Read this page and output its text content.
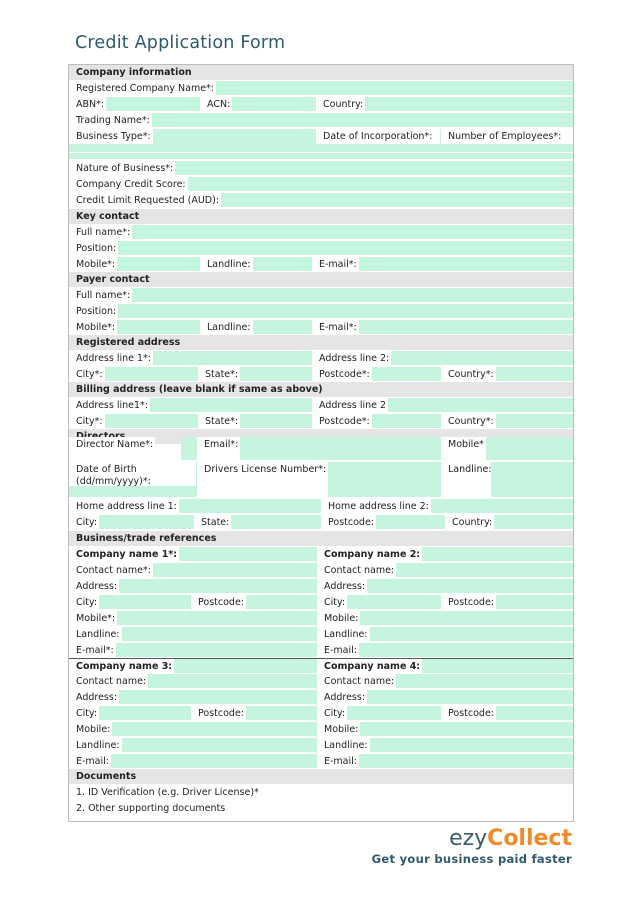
Credit Application Form
Company information
Registered Company Name*:
ABN*:	ACN:	Country:
Trading Name*:
Business Type*:	Date of Incorporation*:	Number of Employees*:
Nature of Business*:
Company Credit Score:
Credit Limit Requested (AUD):
Key contact
Full name*:
Position:
Mobile*:	Landline:	E-mail*:
Payer contact
Full name*:
Position:
Mobile*:	Landline:	E-mail*:
Registered address
Address line 1*:	Address line 2:
City*:	State*:	Postcode*:	Country*:
Billing address (leave blank if same as above)
Address line1*:	Address line 2
City*:	State*:	Postcode*:	Country*:
Director Name*:	Email*:	Mobile*
Date of Birth (dd/mm/yyyy)*:
Drivers License Number*:	Landline:
Home address line 1:	Home address line 2:
City:	State:	Postcode:	Country:
Business/trade references
Company name 1*:	Company name 2:
Contact name*:	Contact name:
Address:	Address:
City:	Postcode:	City:	Postcode:
Mobile*:	Mobile:
Landline:	Landline:
E-mail*:	E-mail:
Company name 3:	Company name 4:
Contact name:	Contact name:
Address:	Address:
City:	Postcode:	City:	Postcode:
Mobile:	Mobile:
Landline:	Landline:
E-mail:	E-mail:
Documents
1. ID Verification (e.g. Driver License)*
2. Other supporting documents
ezyCollect
Get your business paid faster
